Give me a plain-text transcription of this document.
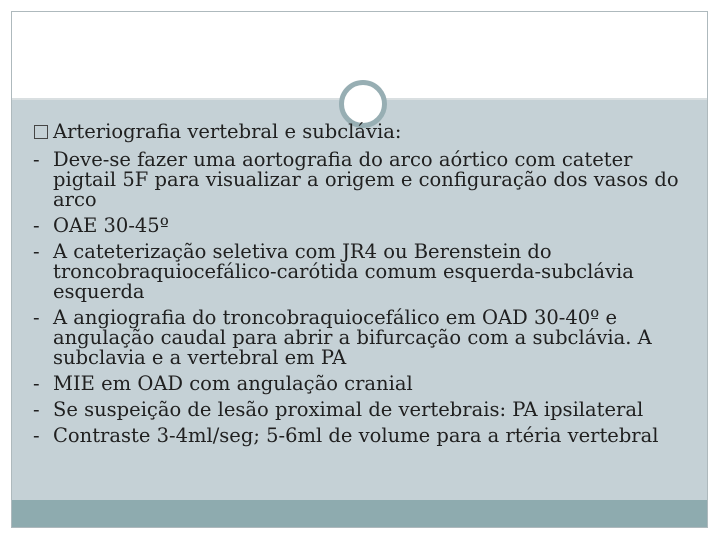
Arteriografia vertebral e subclávia:
- Deve-se fazer uma aortografia do arco aórtico com cateter pigtail 5F para visualizar a origem e configuração dos vasos do arco
- OAE 30-45º
- A cateterização seletiva com JR4 ou Berenstein do troncobraquiocefálico-carótida comum esquerda-subclávia esquerda
- A angiografia do troncobraquiocefálico em OAD 30-40º e angulação caudal para abrir a bifurcação com a subclávia. A subclavia e a vertebral em PA
- MIE em OAD com angulação cranial
- Se suspeição de lesão proximal de vertebrais: PA ipsilateral
- Contraste 3-4ml/seg; 5-6ml de volume para a rtéria vertebral
